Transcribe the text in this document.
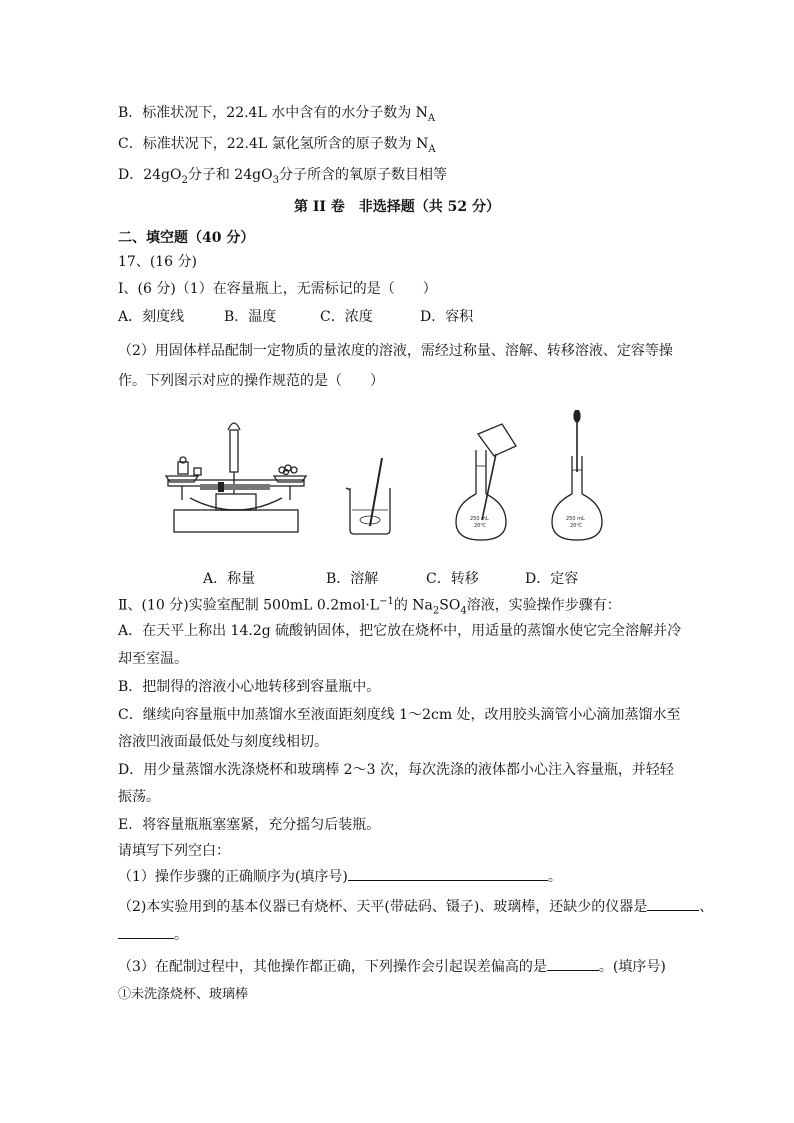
B．标准状况下，22.4L 水中含有的水分子数为 $N_A$
C．标准状况下，22.4L 氯化氢所含的原子数为 $N_A$
D．$24gO_2$分子和 $24gO_3$分子所含的氧原子数目相等
第 II 卷　非选择题（共 52 分）
二、填空题（40 分）
17、(16 分)
Ⅰ、(6 分)（1）在容量瓶上，无需标记的是（　　）
A．刻度线	B．温度	C．浓度	D．容积
（2）用固体样品配制一定物质的量浓度的溶液，需经过称量、溶解、转移溶液、定容等操
作。下列图示对应的操作规范的是（　　）
250 mL
20℃
250 mL
20℃
A．称量	B．溶解	C．转移	D．定容
Ⅱ、(10 分)实验室配制 500mL $0.2mol\cdot L^{-1}$的 $Na_2SO_4$溶液，实验操作步骤有：
A．在天平上称出 14.2g 硫酸钠固体，把它放在烧杯中，用适量的蒸馏水使它完全溶解并冷
却至室温。
B．把制得的溶液小心地转移到容量瓶中。
C．继续向容量瓶中加蒸馏水至液面距刻度线 1～2cm 处，改用胶头滴管小心滴加蒸馏水至
溶液凹液面最低处与刻度线相切。
D．用少量蒸馏水洗涤烧杯和玻璃棒 2～3 次，每次洗涤的液体都小心注入容量瓶，并轻轻
振荡。
E．将容量瓶瓶塞塞紧，充分摇匀后装瓶。
请填写下列空白：
（1）操作步骤的正确顺序为(填序号)	。
（2)本实验用到的基本仪器已有烧杯、天平(带砝码、镊子)、玻璃棒，还缺少的仪器是	、
。
（3）在配制过程中，其他操作都正确，下列操作会引起误差偏高的是	。(填序号)
①未洗涤烧杯、玻璃棒
